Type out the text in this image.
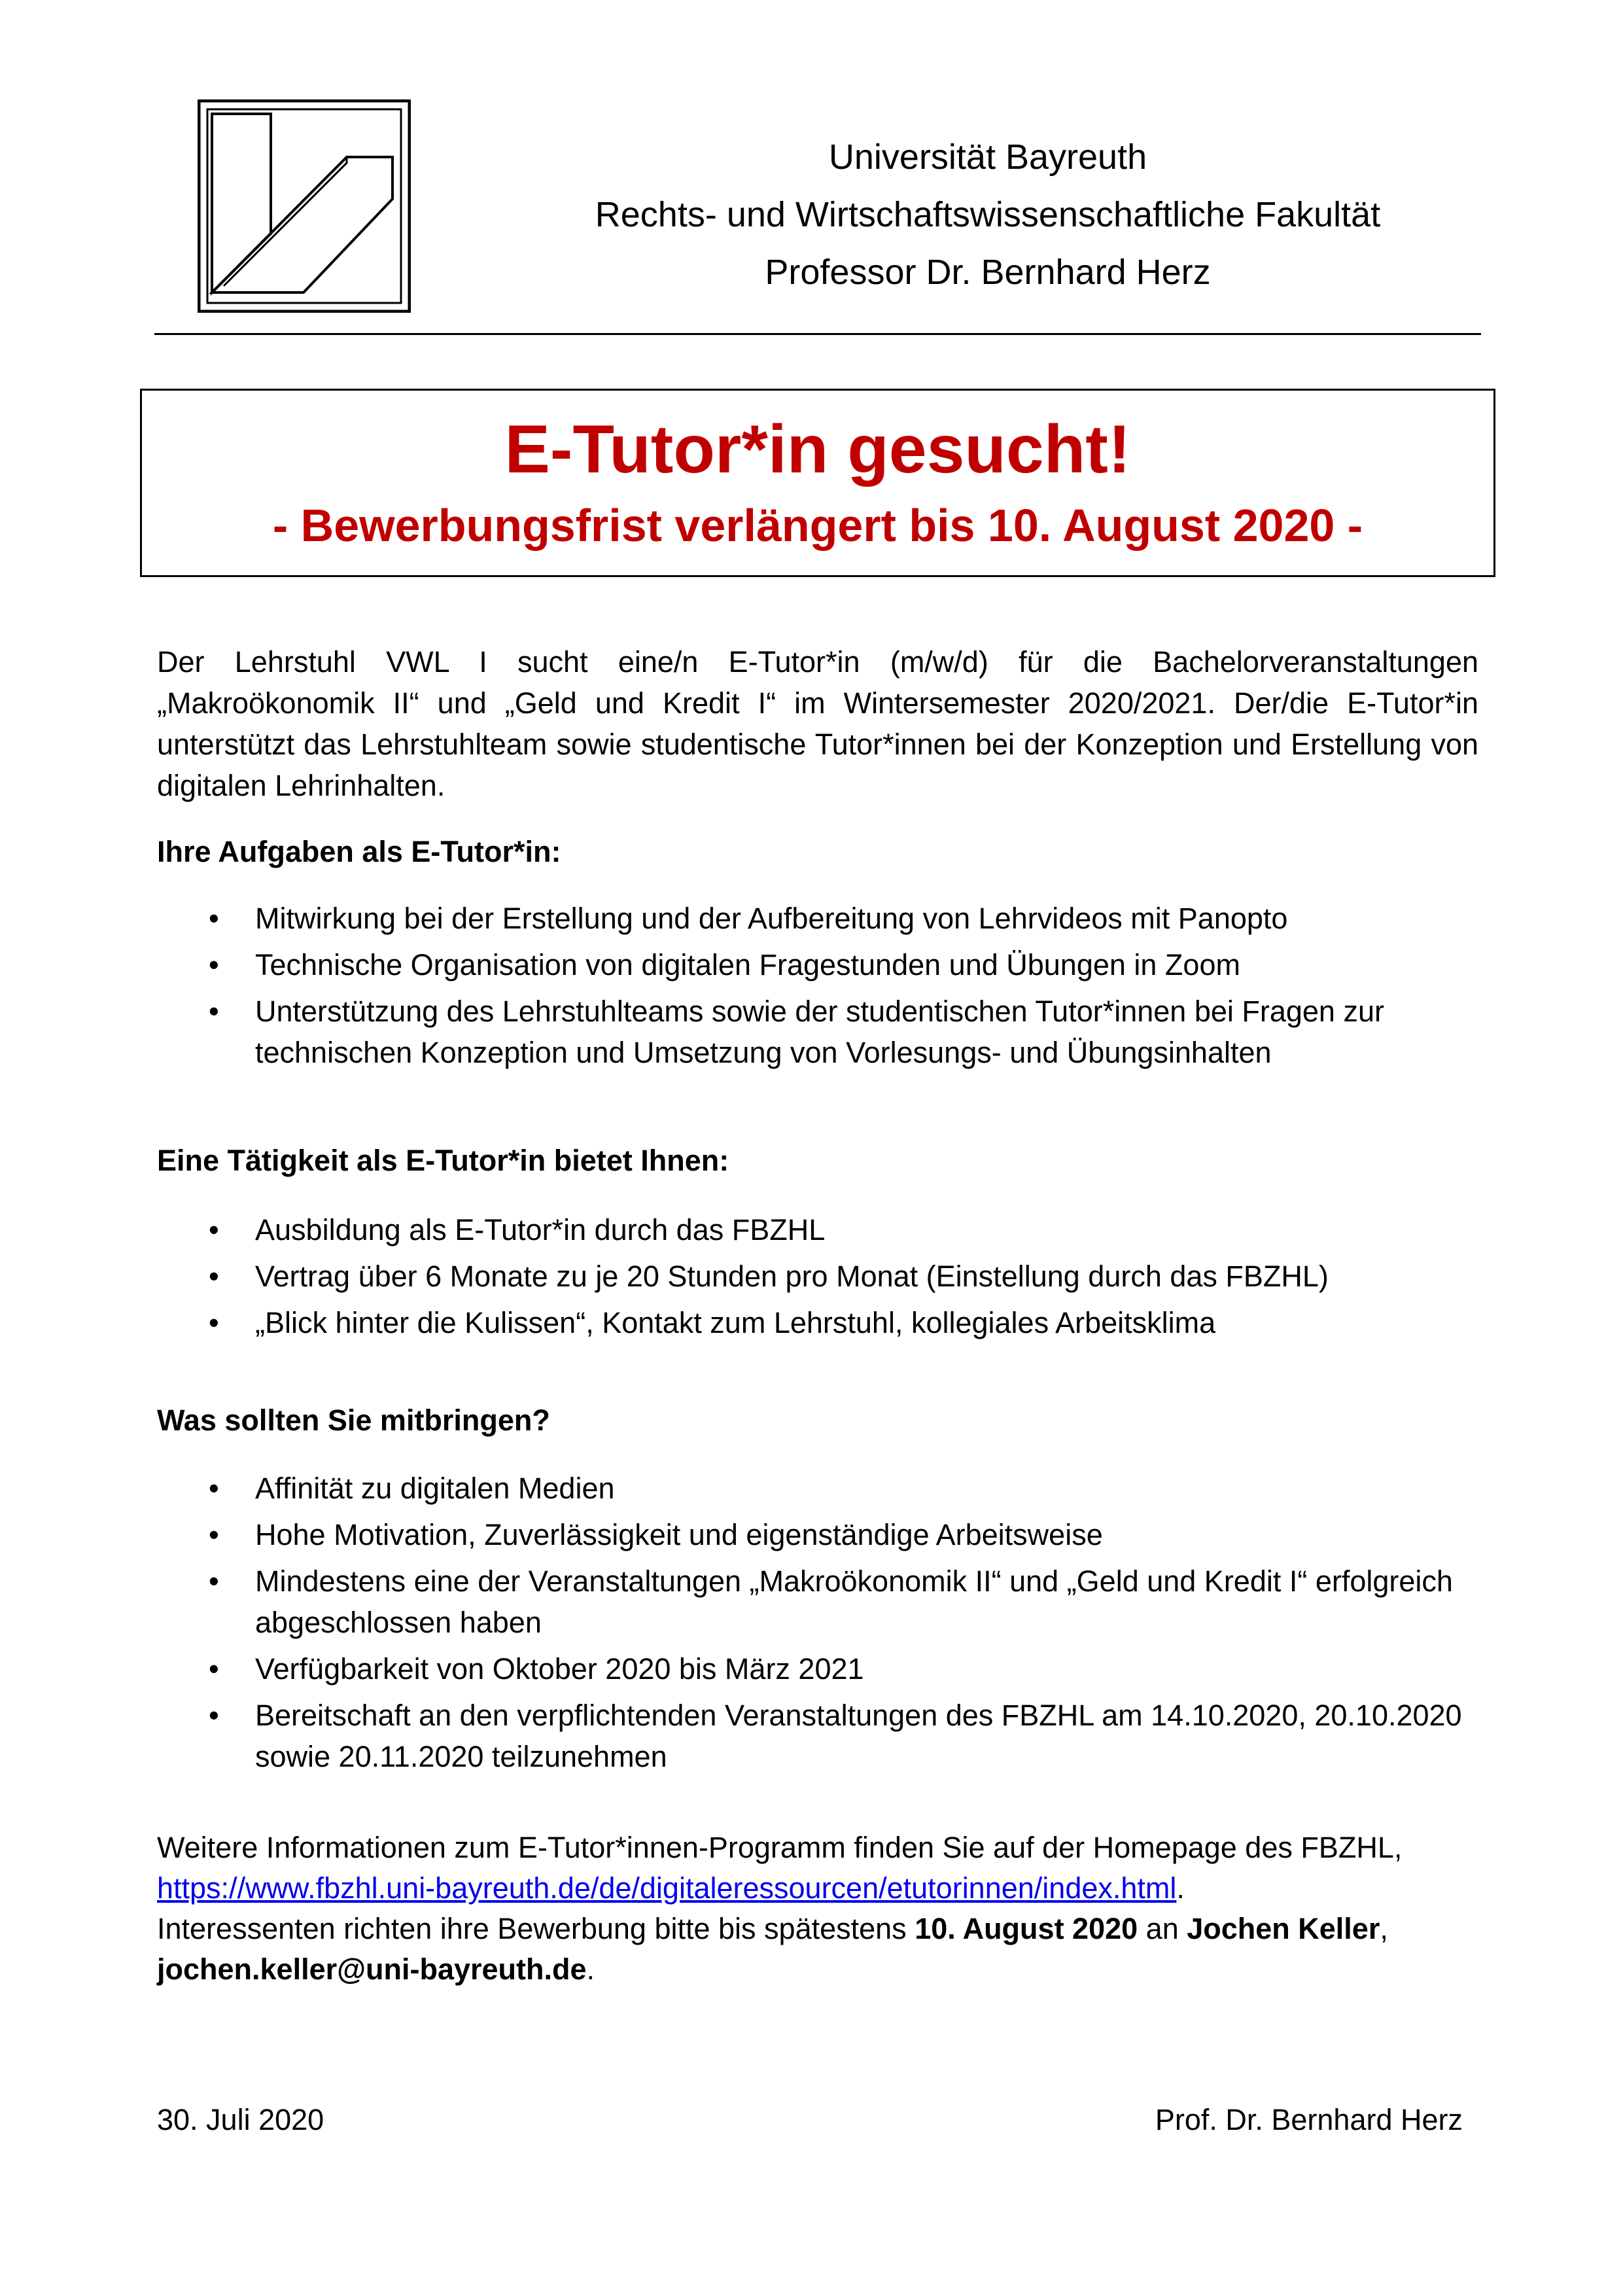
Universität Bayreuth
Rechts- und Wirtschaftswissenschaftliche Fakultät
Professor Dr. Bernhard Herz
E-Tutor*in gesucht!
- Bewerbungsfrist verlängert bis 10. August 2020 -
Der Lehrstuhl VWL I sucht eine/n E-Tutor*in (m/w/d) für die Bachelorveranstaltungen „Makroökonomik II“ und „Geld und Kredit I“ im Wintersemester 2020/2021. Der/die E-Tutor*in unterstützt das Lehrstuhlteam sowie studentische Tutor*innen bei der Konzeption und Erstellung von digitalen Lehrinhalten.
Ihre Aufgaben als E-Tutor*in:
• Mitwirkung bei der Erstellung und der Aufbereitung von Lehrvideos mit Panopto
• Technische Organisation von digitalen Fragestunden und Übungen in Zoom
• Unterstützung des Lehrstuhlteams sowie der studentischen Tutor*innen bei Fragen zur technischen Konzeption und Umsetzung von Vorlesungs- und Übungsinhalten
Eine Tätigkeit als E-Tutor*in bietet Ihnen:
• Ausbildung als E-Tutor*in durch das FBZHL
• Vertrag über 6 Monate zu je 20 Stunden pro Monat (Einstellung durch das FBZHL)
• „Blick hinter die Kulissen“, Kontakt zum Lehrstuhl, kollegiales Arbeitsklima
Was sollten Sie mitbringen?
• Affinität zu digitalen Medien
• Hohe Motivation, Zuverlässigkeit und eigenständige Arbeitsweise
• Mindestens eine der Veranstaltungen „Makroökonomik II“ und „Geld und Kredit I“ erfolgreich abgeschlossen haben
• Verfügbarkeit von Oktober 2020 bis März 2021
• Bereitschaft an den verpflichtenden Veranstaltungen des FBZHL am 14.10.2020, 20.10.2020 sowie 20.11.2020 teilzunehmen
Weitere Informationen zum E-Tutor*innen-Programm finden Sie auf der Homepage des FBZHL,
https://www.fbzhl.uni-bayreuth.de/de/digitaleressourcen/etutorinnen/index.html.
Interessenten richten ihre Bewerbung bitte bis spätestens 10. August 2020 an Jochen Keller,
jochen.keller@uni-bayreuth.de.
30. Juli 2020	Prof. Dr. Bernhard Herz
